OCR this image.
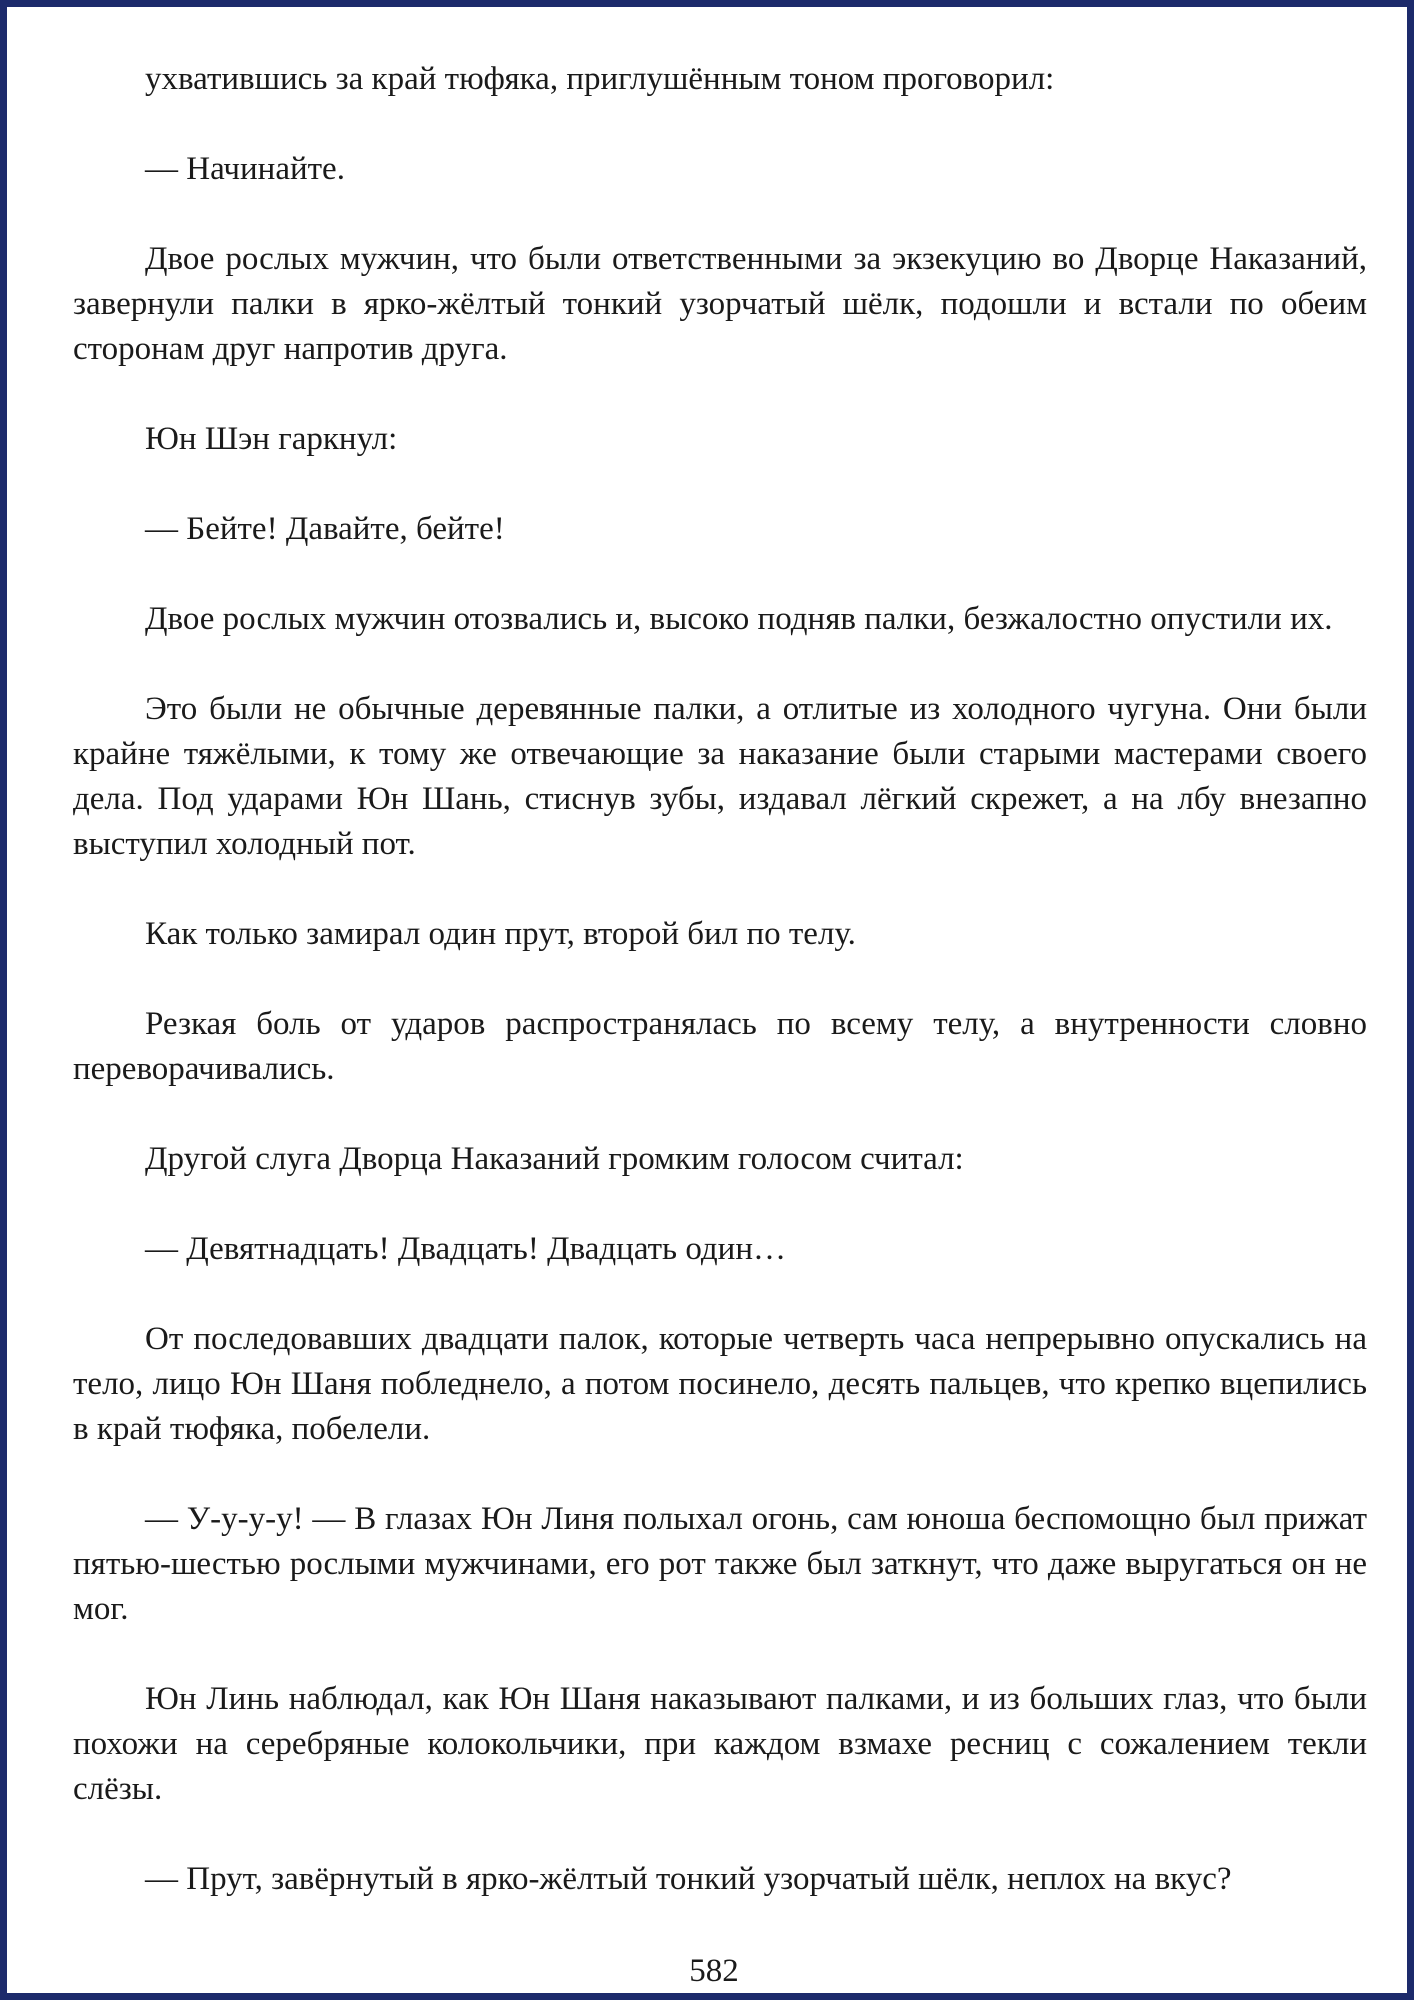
ухватившись за край тюфяка, приглушённым тоном проговорил:

— Начинайте.

Двое рослых мужчин, что были ответственными за экзекуцию во Дворце Наказаний, завернули палки в ярко-жёлтый тонкий узорчатый шёлк, подошли и встали по обеим сторонам друг напротив друга.

Юн Шэн гаркнул:

— Бейте! Давайте, бейте!

Двое рослых мужчин отозвались и, высоко подняв палки, безжалостно опустили их.

Это были не обычные деревянные палки, а отлитые из холодного чугуна. Они были крайне тяжёлыми, к тому же отвечающие за наказание были старыми мастерами своего дела. Под ударами Юн Шань, стиснув зубы, издавал лёгкий скрежет, а на лбу внезапно выступил холодный пот.

Как только замирал один прут, второй бил по телу.

Резкая боль от ударов распространялась по всему телу, а внутренности словно переворачивались.

Другой слуга Дворца Наказаний громким голосом считал:

— Девятнадцать! Двадцать! Двадцать один…

От последовавших двадцати палок, которые четверть часа непрерывно опускались на тело, лицо Юн Шаня побледнело, а потом посинело, десять пальцев, что крепко вцепились в край тюфяка, побелели.

— У-у-у-у! — В глазах Юн Линя полыхал огонь, сам юноша беспомощно был прижат пятью-шестью рослыми мужчинами, его рот также был заткнут, что даже выругаться он не мог.

Юн Линь наблюдал, как Юн Шаня наказывают палками, и из больших глаз, что были похожи на серебряные колокольчики, при каждом взмахе ресниц с сожалением текли слёзы.

— Прут, завёрнутый в ярко-жёлтый тонкий узорчатый шёлк, неплох на вкус?

582
